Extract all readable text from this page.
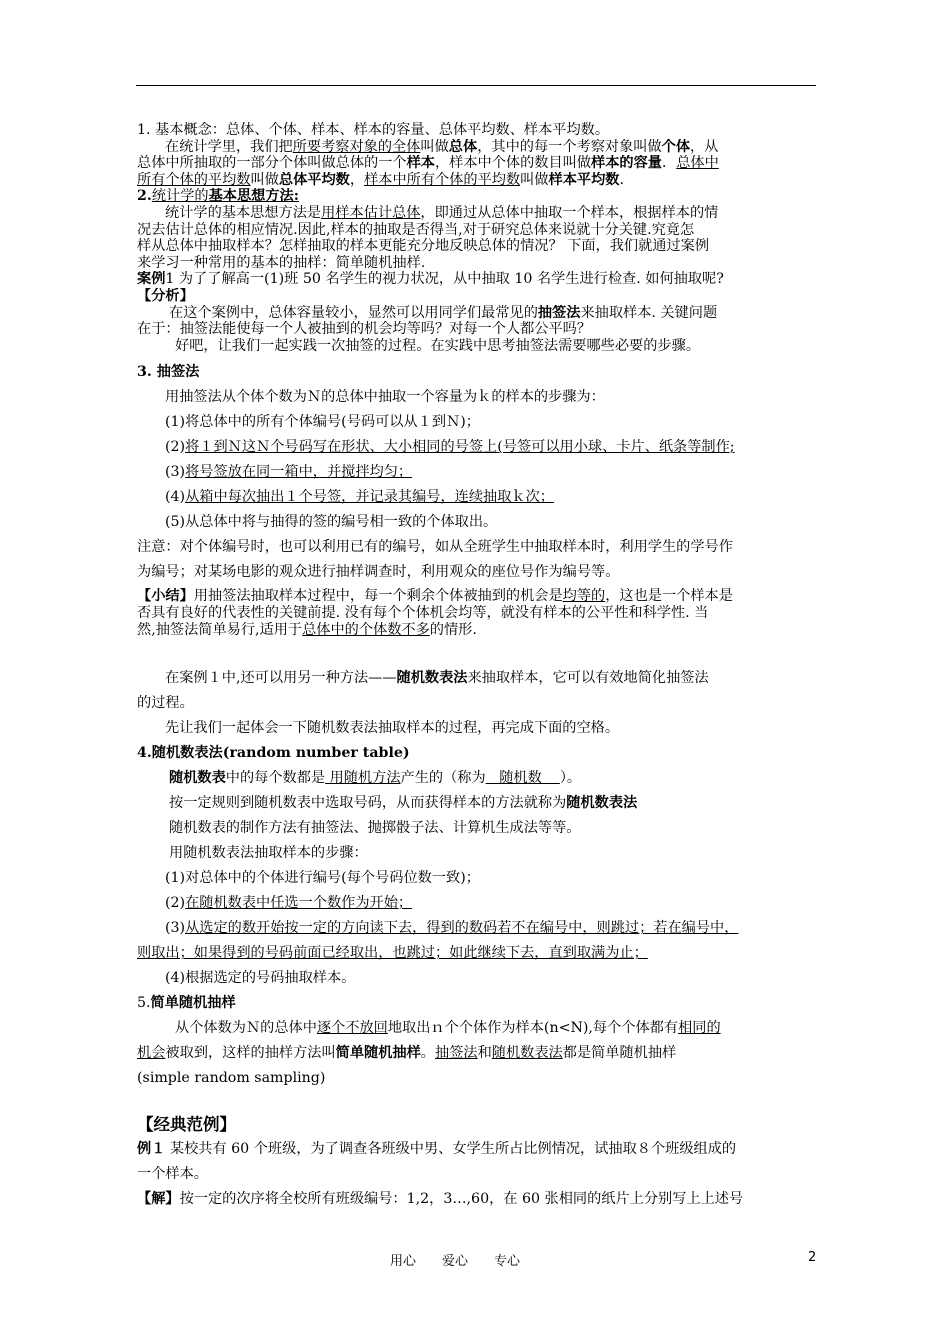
1. 基本概念：总体、个体、样本、样本的容量、总体平均数、样本平均数。
在统计学里，我们把所要考察对象的全体叫做总体，其中的每一个考察对象叫做个体，从
总体中所抽取的一部分个体叫做总体的一个样本，样本中个体的数目叫做样本的容量．总体中
所有个体的平均数叫做总体平均数，样本中所有个体的平均数叫做样本平均数.
2.统计学的基本思想方法:
统计学的基本思想方法是用样本估计总体，即通过从总体中抽取一个样本，根据样本的情
况去估计总体的相应情况.因此,样本的抽取是否得当,对于研究总体来说就十分关键.究竟怎
样从总体中抽取样本？怎样抽取的样本更能充分地反映总体的情况？ 下面，我们就通过案例
来学习一种常用的基本的抽样：简单随机抽样.
案例1 为了了解高一(1)班 50 名学生的视力状况，从中抽取 10 名学生进行检查. 如何抽取呢?
【分析】
在这个案例中，总体容量较小，显然可以用同学们最常见的抽签法来抽取样本. 关键问题
在于：抽签法能使每一个人被抽到的机会均等吗？对每一个人都公平吗？
好吧，让我们一起实践一次抽签的过程。在实践中思考抽签法需要哪些必要的步骤。
3. 抽签法
用抽签法从个体个数为Ｎ的总体中抽取一个容量为ｋ的样本的步骤为：
(1)将总体中的所有个体编号(号码可以从１到Ｎ)；
(2)将１到Ｎ这Ｎ个号码写在形状、大小相同的号签上(号签可以用小球、卡片、纸条等制作;
(3)将号签放在同一箱中，并搅拌均匀；
(4)从箱中每次抽出１个号签，并记录其编号，连续抽取ｋ次；
(5)从总体中将与抽得的签的编号相一致的个体取出。
注意：对个体编号时，也可以利用已有的编号，如从全班学生中抽取样本时，利用学生的学号作
为编号；对某场电影的观众进行抽样调查时，利用观众的座位号作为编号等。
【小结】用抽签法抽取样本过程中，每一个剩余个体被抽到的机会是均等的，这也是一个样本是
否具有良好的代表性的关键前提. 没有每个个体机会均等，就没有样本的公平性和科学性. 当
然,抽签法简单易行,适用于总体中的个体数不多的情形.
在案例１中,还可以用另一种方法——随机数表法来抽取样本，它可以有效地简化抽签法
的过程。
先让我们一起体会一下随机数表法抽取样本的过程，再完成下面的空格。
4.随机数表法(random number table)
随机数表中的每个数都是 用随机方法产生的（称为   随机数    ）。
按一定规则到随机数表中选取号码，从而获得样本的方法就称为随机数表法
随机数表的制作方法有抽签法、抛掷骰子法、计算机生成法等等。
用随机数表法抽取样本的步骤：
(1)对总体中的个体进行编号(每个号码位数一致)；
(2)在随机数表中任选一个数作为开始；
(3)从选定的数开始按一定的方向读下去，得到的数码若不在编号中，则跳过；若在编号中，
则取出；如果得到的号码前面已经取出，也跳过；如此继续下去，直到取满为止；
(4)根据选定的号码抽取样本。
5.简单随机抽样
从个体数为Ｎ的总体中逐个不放回地取出ｎ个个体作为样本(n<N),每个个体都有相同的
机会被取到，这样的抽样方法叫简单随机抽样。抽签法和随机数表法都是简单随机抽样
(simple random sampling)
【经典范例】
例１ 某校共有 60 个班级，为了调查各班级中男、女学生所占比例情况，试抽取８个班级组成的
一个样本。
【解】按一定的次序将全校所有班级编号：1,2，3…,60，在 60 张相同的纸片上分别写上上述号
用心 爱心 专心	2
